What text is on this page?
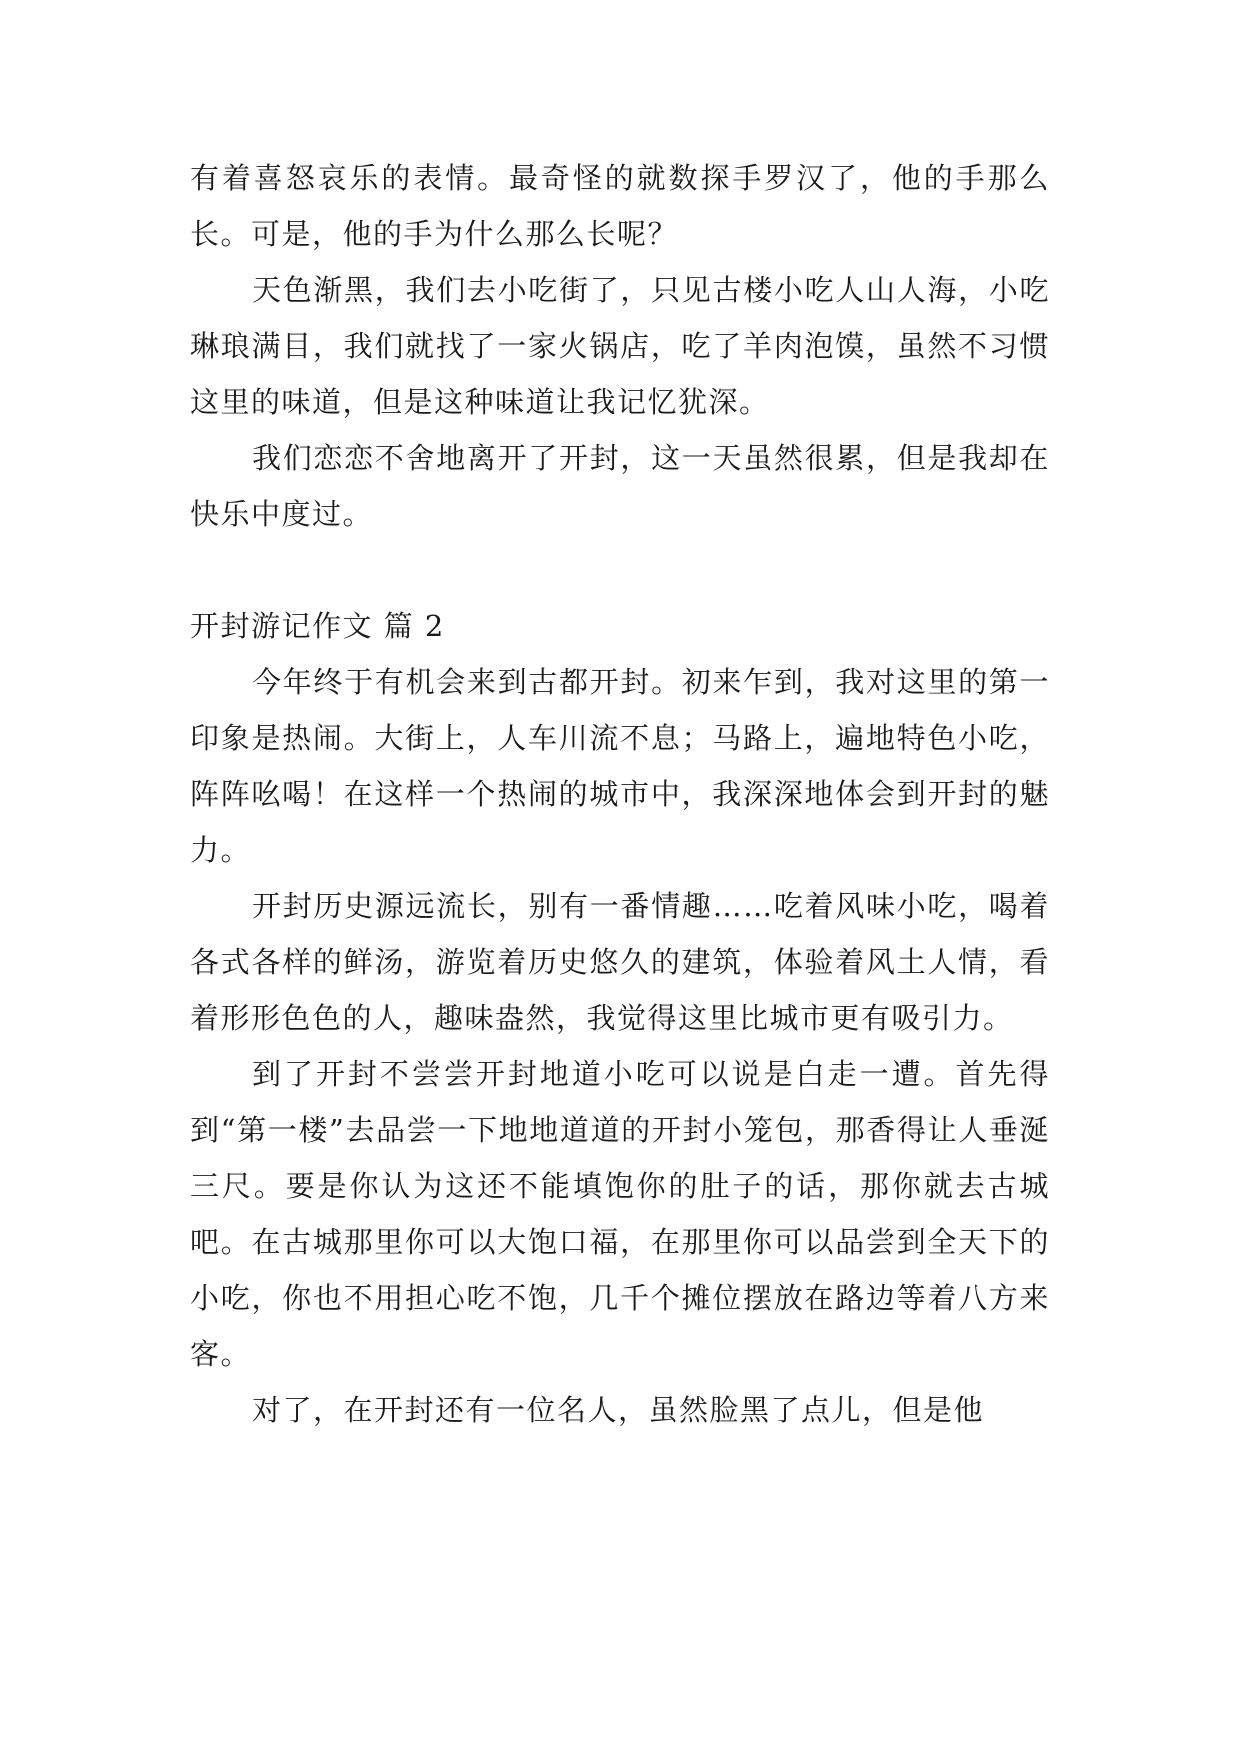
有着喜怒哀乐的表情。最奇怪的就数探手罗汉了，他的手那么长。可是，他的手为什么那么长呢？

天色渐黑，我们去小吃街了，只见古楼小吃人山人海，小吃琳琅满目，我们就找了一家火锅店，吃了羊肉泡馍，虽然不习惯这里的味道，但是这种味道让我记忆犹深。

我们恋恋不舍地离开了开封，这一天虽然很累，但是我却在快乐中度过。

开封游记作文 篇 2

今年终于有机会来到古都开封。初来乍到，我对这里的第一印象是热闹。大街上，人车川流不息；马路上，遍地特色小吃，阵阵吆喝！在这样一个热闹的城市中，我深深地体会到开封的魅力。

开封历史源远流长，别有一番情趣……吃着风味小吃，喝着各式各样的鲜汤，游览着历史悠久的建筑，体验着风土人情，看着形形色色的人，趣味盎然，我觉得这里比城市更有吸引力。

到了开封不尝尝开封地道小吃可以说是白走一遭。首先得到“第一楼”去品尝一下地地道道的开封小笼包，那香得让人垂涎三尺。要是你认为这还不能填饱你的肚子的话，那你就去古城吧。在古城那里你可以大饱口福，在那里你可以品尝到全天下的小吃，你也不用担心吃不饱，几千个摊位摆放在路边等着八方来客。

对了，在开封还有一位名人，虽然脸黑了点儿，但是他
